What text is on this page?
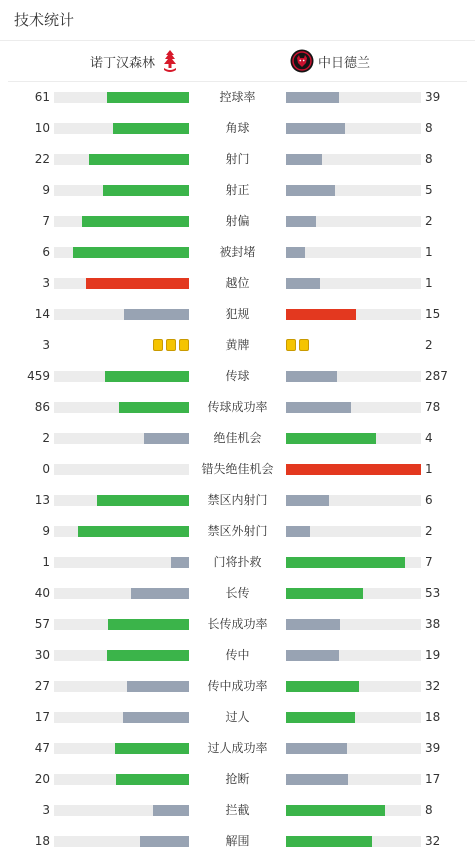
技术统计
诺丁汉森林	中日德兰
61	控球率	39
10	角球	8
22	射门	8
9	射正	5
7	射偏	2
6	被封堵	1
3	越位	1
14	犯规	15
3	黄牌	2
459	传球	287
86	传球成功率	78
2	绝佳机会	4
0	错失绝佳机会	1
13	禁区内射门	6
9	禁区外射门	2
1	门将扑救	7
40	长传	53
57	长传成功率	38
30	传中	19
27	传中成功率	32
17	过人	18
47	过人成功率	39
20	抢断	17
3	拦截	8
18	解围	32
